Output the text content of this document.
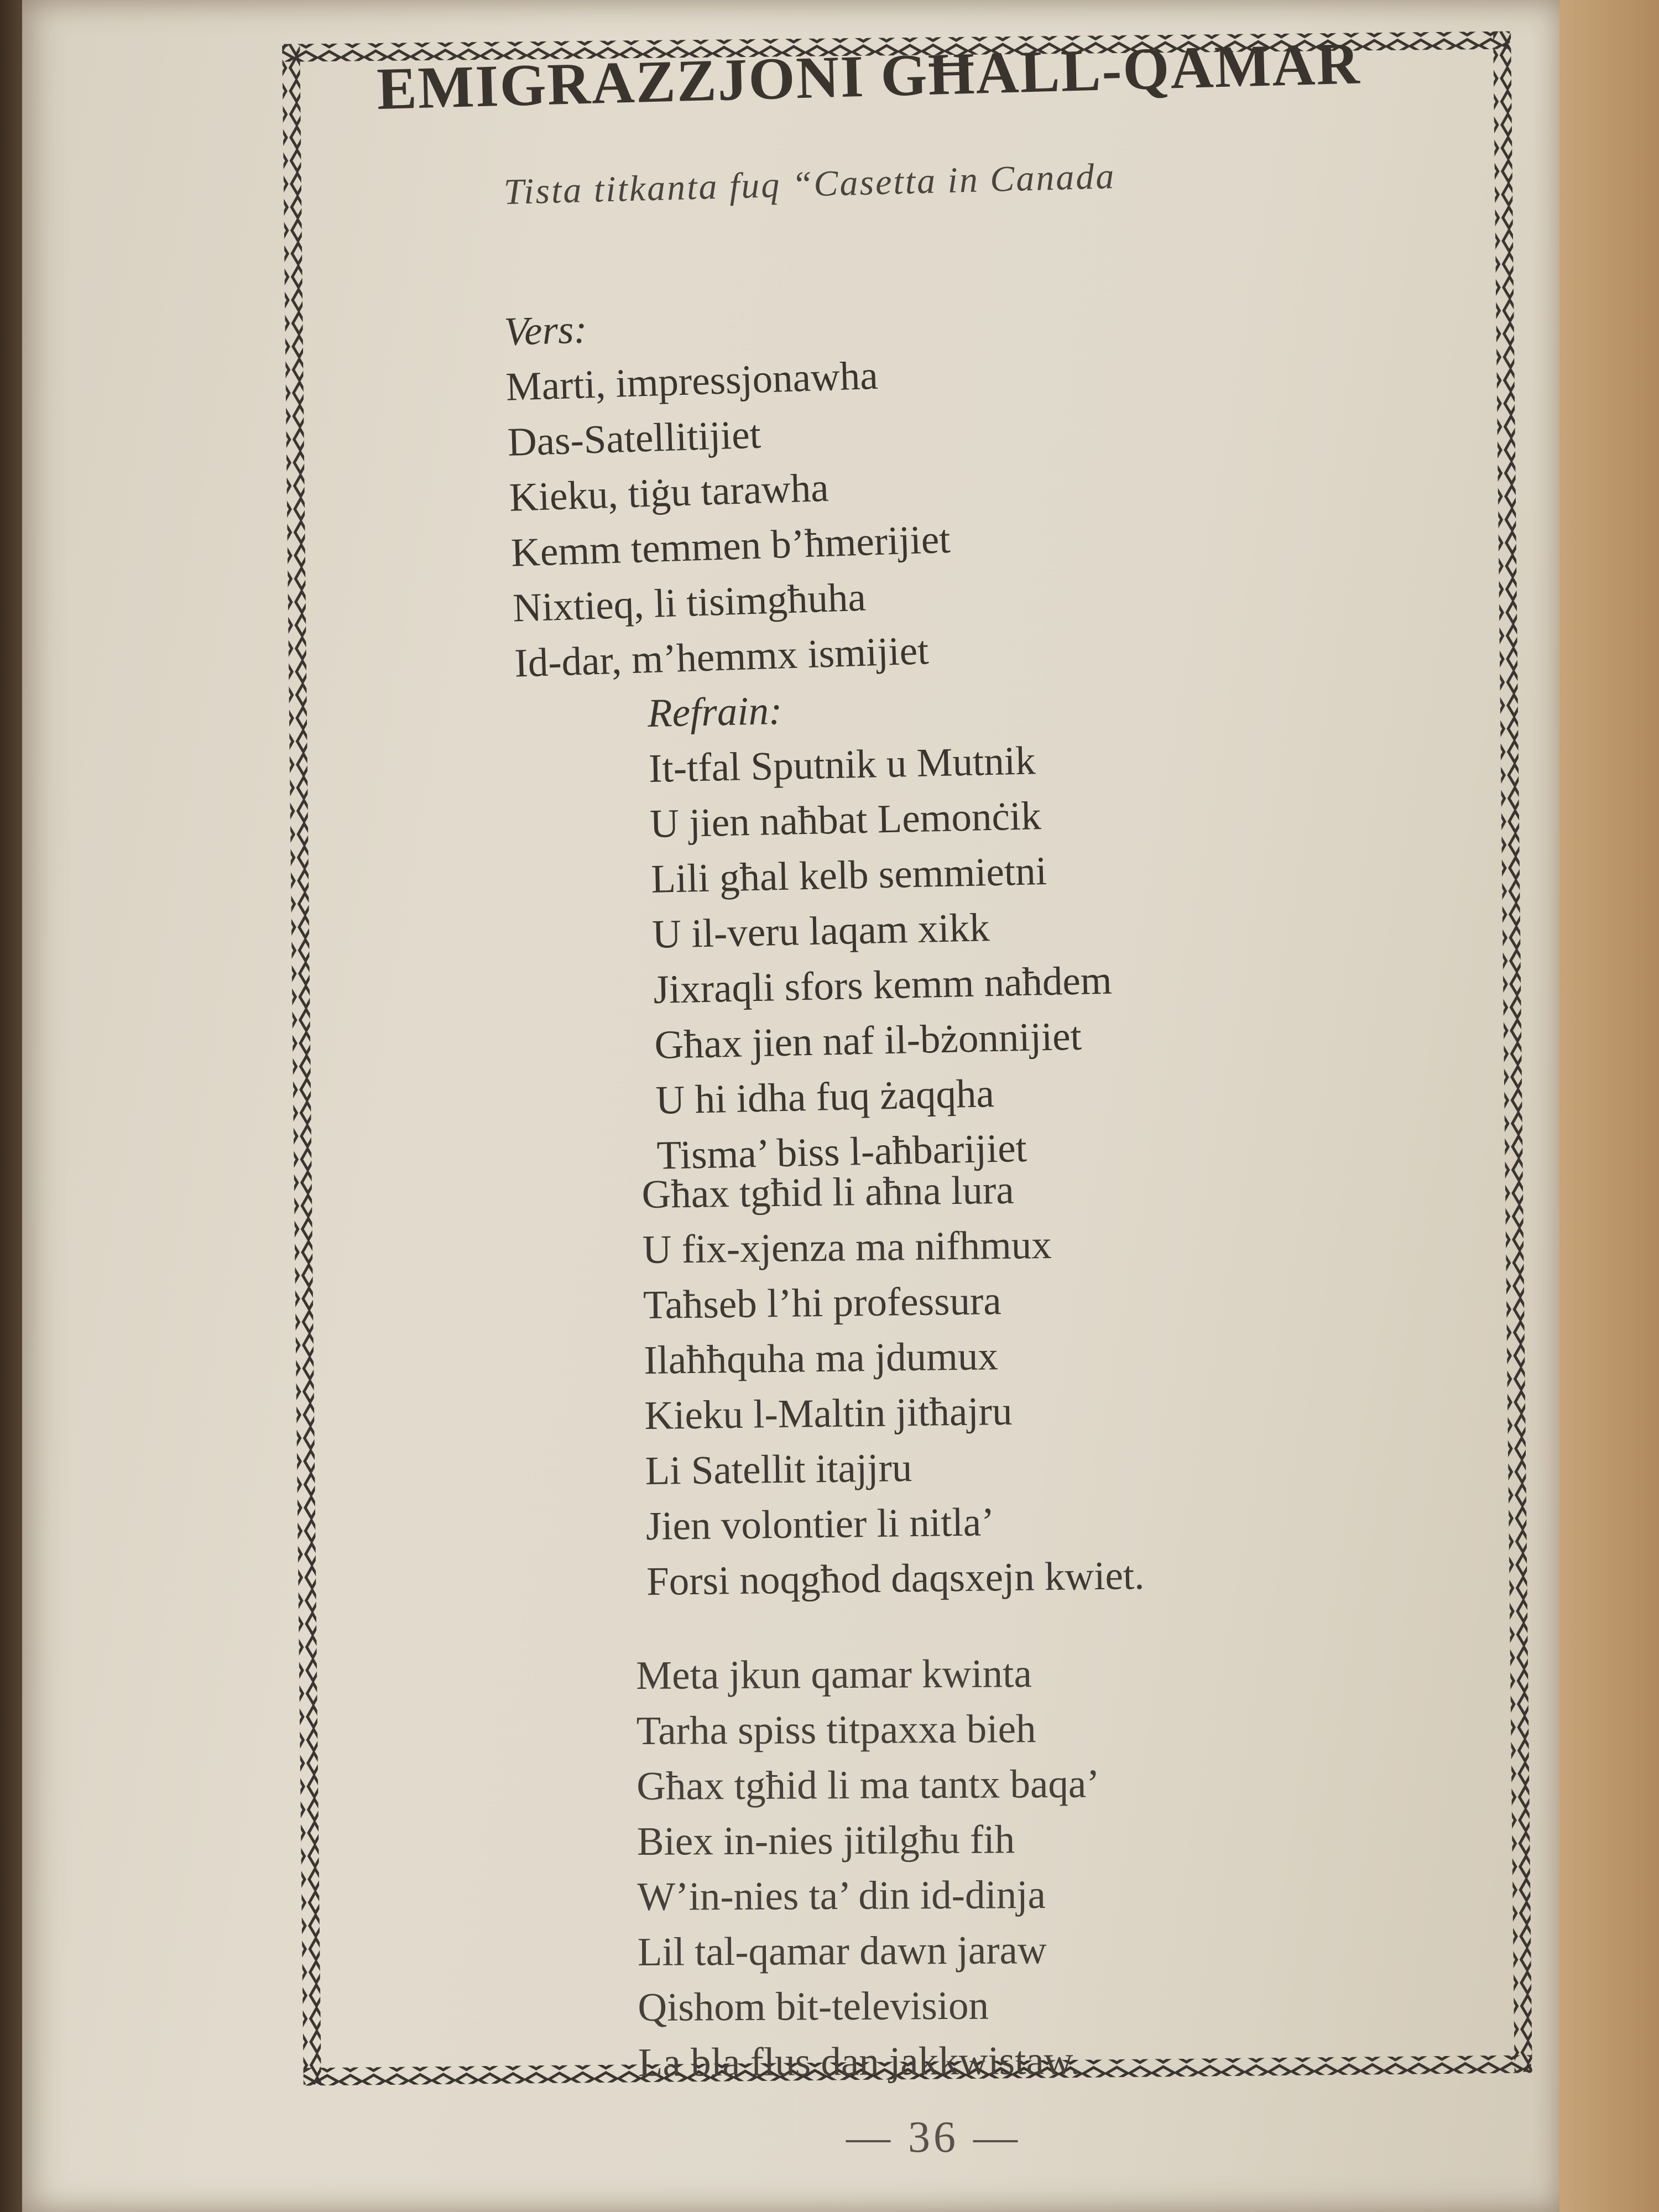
EMIGRAZZJONI GĦALL-QAMAR
Tista titkanta fuq “Casetta in Canada
Vers:
Marti, impressjonawha
Das-Satellitijiet
Kieku, tiġu tarawha
Kemm temmen b’ħmerijiet
Nixtieq, li tisimgħuha
Id-dar, m’hemmx ismijiet
Refrain:
It-tfal Sputnik u Mutnik
U jien naħbat Lemonċik
Lili għal kelb semmietni
U il-veru laqam xikk
Jixraqli sfors kemm naħdem
Għax jien naf il-bżonnijiet
U hi idha fuq żaqqha
Tisma’ biss l-aħbarijiet
Għax tgħid li aħna lura
U fix-xjenza ma nifhmux
Taħseb l’hi professura
Ilaħħquha ma jdumux
Kieku l-Maltin jitħajru
Li Satellit itajjru
Jien volontier li nitla’
Forsi noqgħod daqsxejn kwiet.
Meta jkun qamar kwinta
Tarha spiss titpaxxa bieh
Għax tgħid li ma tantx baqa’
Biex in-nies jitilgħu fih
W’in-nies ta’ din id-dinja
Lil tal-qamar dawn jaraw
Qishom bit-television
La bla flus dan jakkwistaw.
— 36 —
